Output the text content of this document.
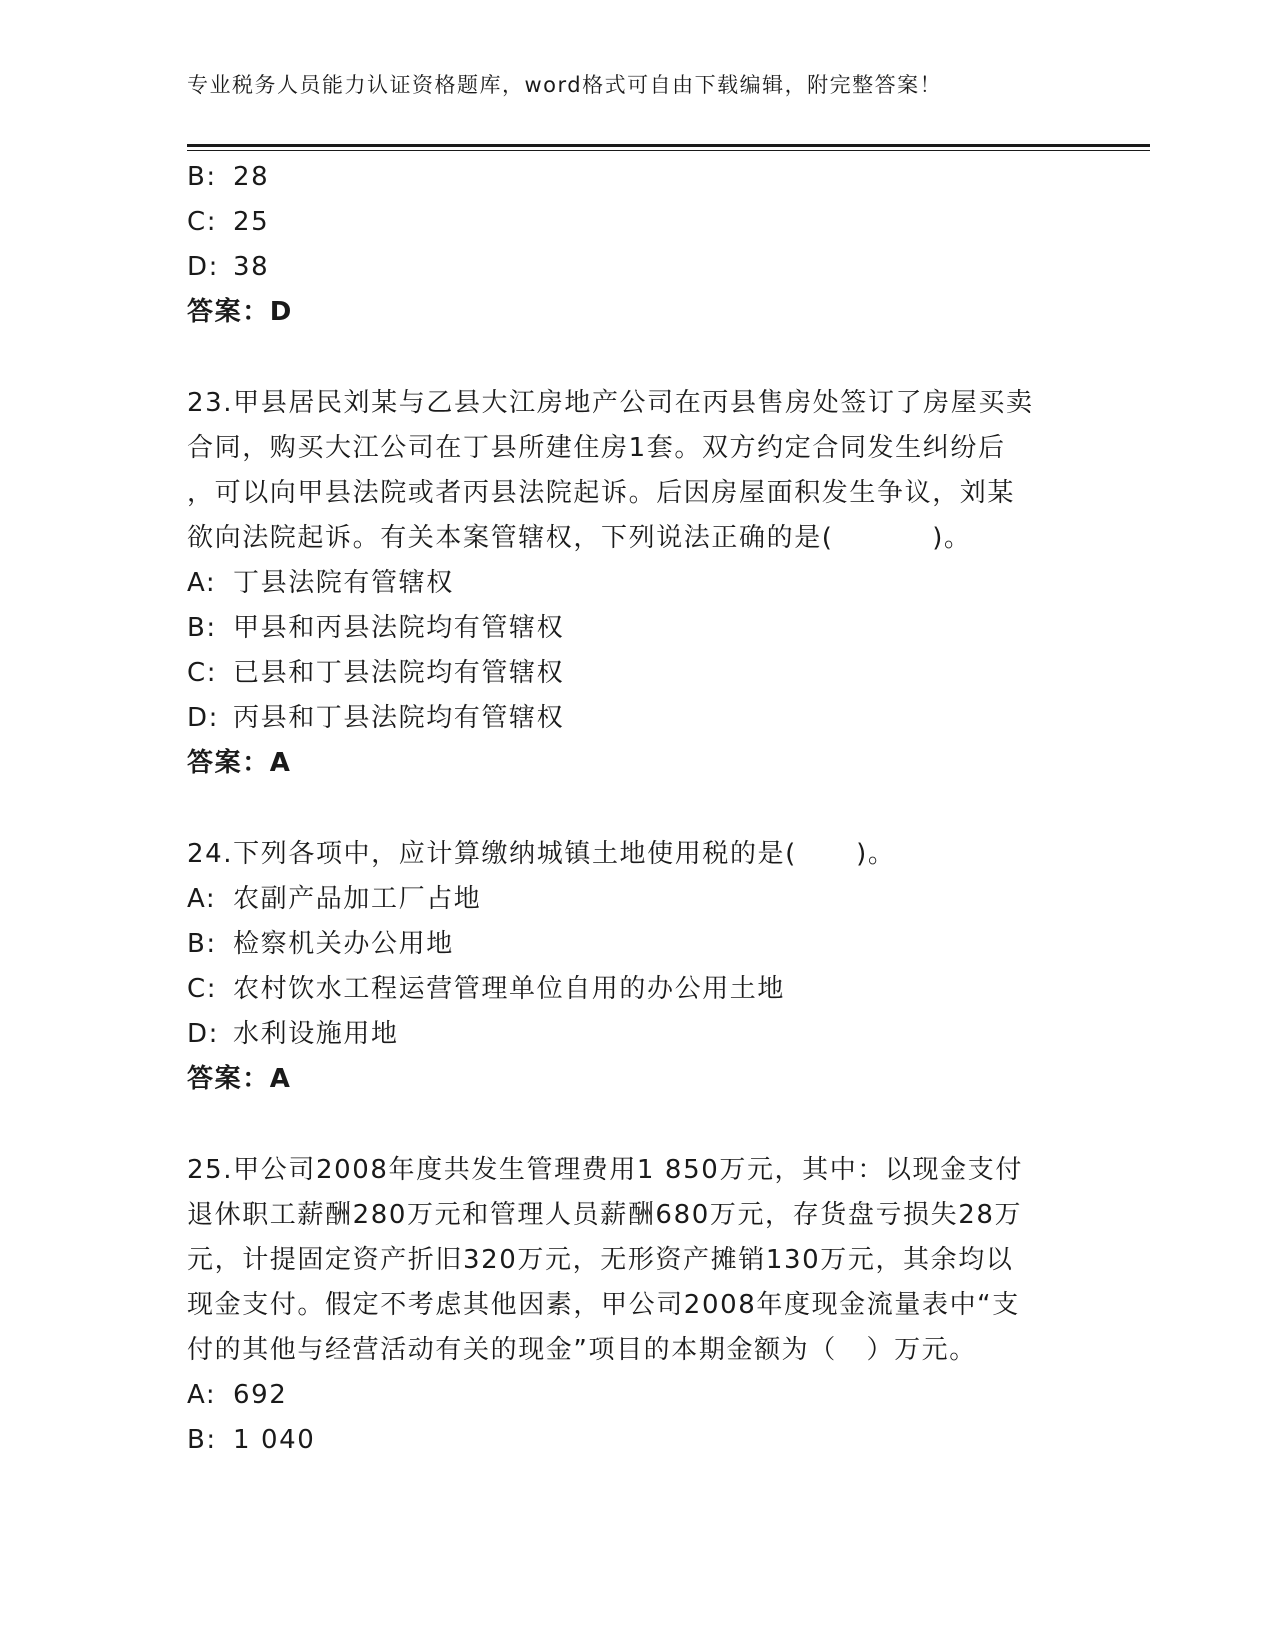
专业税务人员能力认证资格题库，word格式可自由下载编辑，附完整答案！
B: 28
C: 25
D: 38
答案：D
23.甲县居民刘某与乙县大江房地产公司在丙县售房处签订了房屋买卖
合同，购买大江公司在丁县所建住房1套。双方约定合同发生纠纷后
，可以向甲县法院或者丙县法院起诉。后因房屋面积发生争议，刘某
欲向法院起诉。有关本案管辖权，下列说法正确的是(          )。
A: 丁县法院有管辖权
B: 甲县和丙县法院均有管辖权
C: 已县和丁县法院均有管辖权
D: 丙县和丁县法院均有管辖权
答案：A
24.下列各项中，应计算缴纳城镇土地使用税的是(      )。
A: 农副产品加工厂占地
B: 检察机关办公用地
C: 农村饮水工程运营管理单位自用的办公用土地
D: 水利设施用地
答案：A
25.甲公司2008年度共发生管理费用1 850万元，其中：以现金支付
退休职工薪酬280万元和管理人员薪酬680万元，存货盘亏损失28万
元，计提固定资产折旧320万元，无形资产摊销130万元，其余均以
现金支付。假定不考虑其他因素，甲公司2008年度现金流量表中“支
付的其他与经营活动有关的现金”项目的本期金额为（   ）万元。
A: 692
B: 1 040
